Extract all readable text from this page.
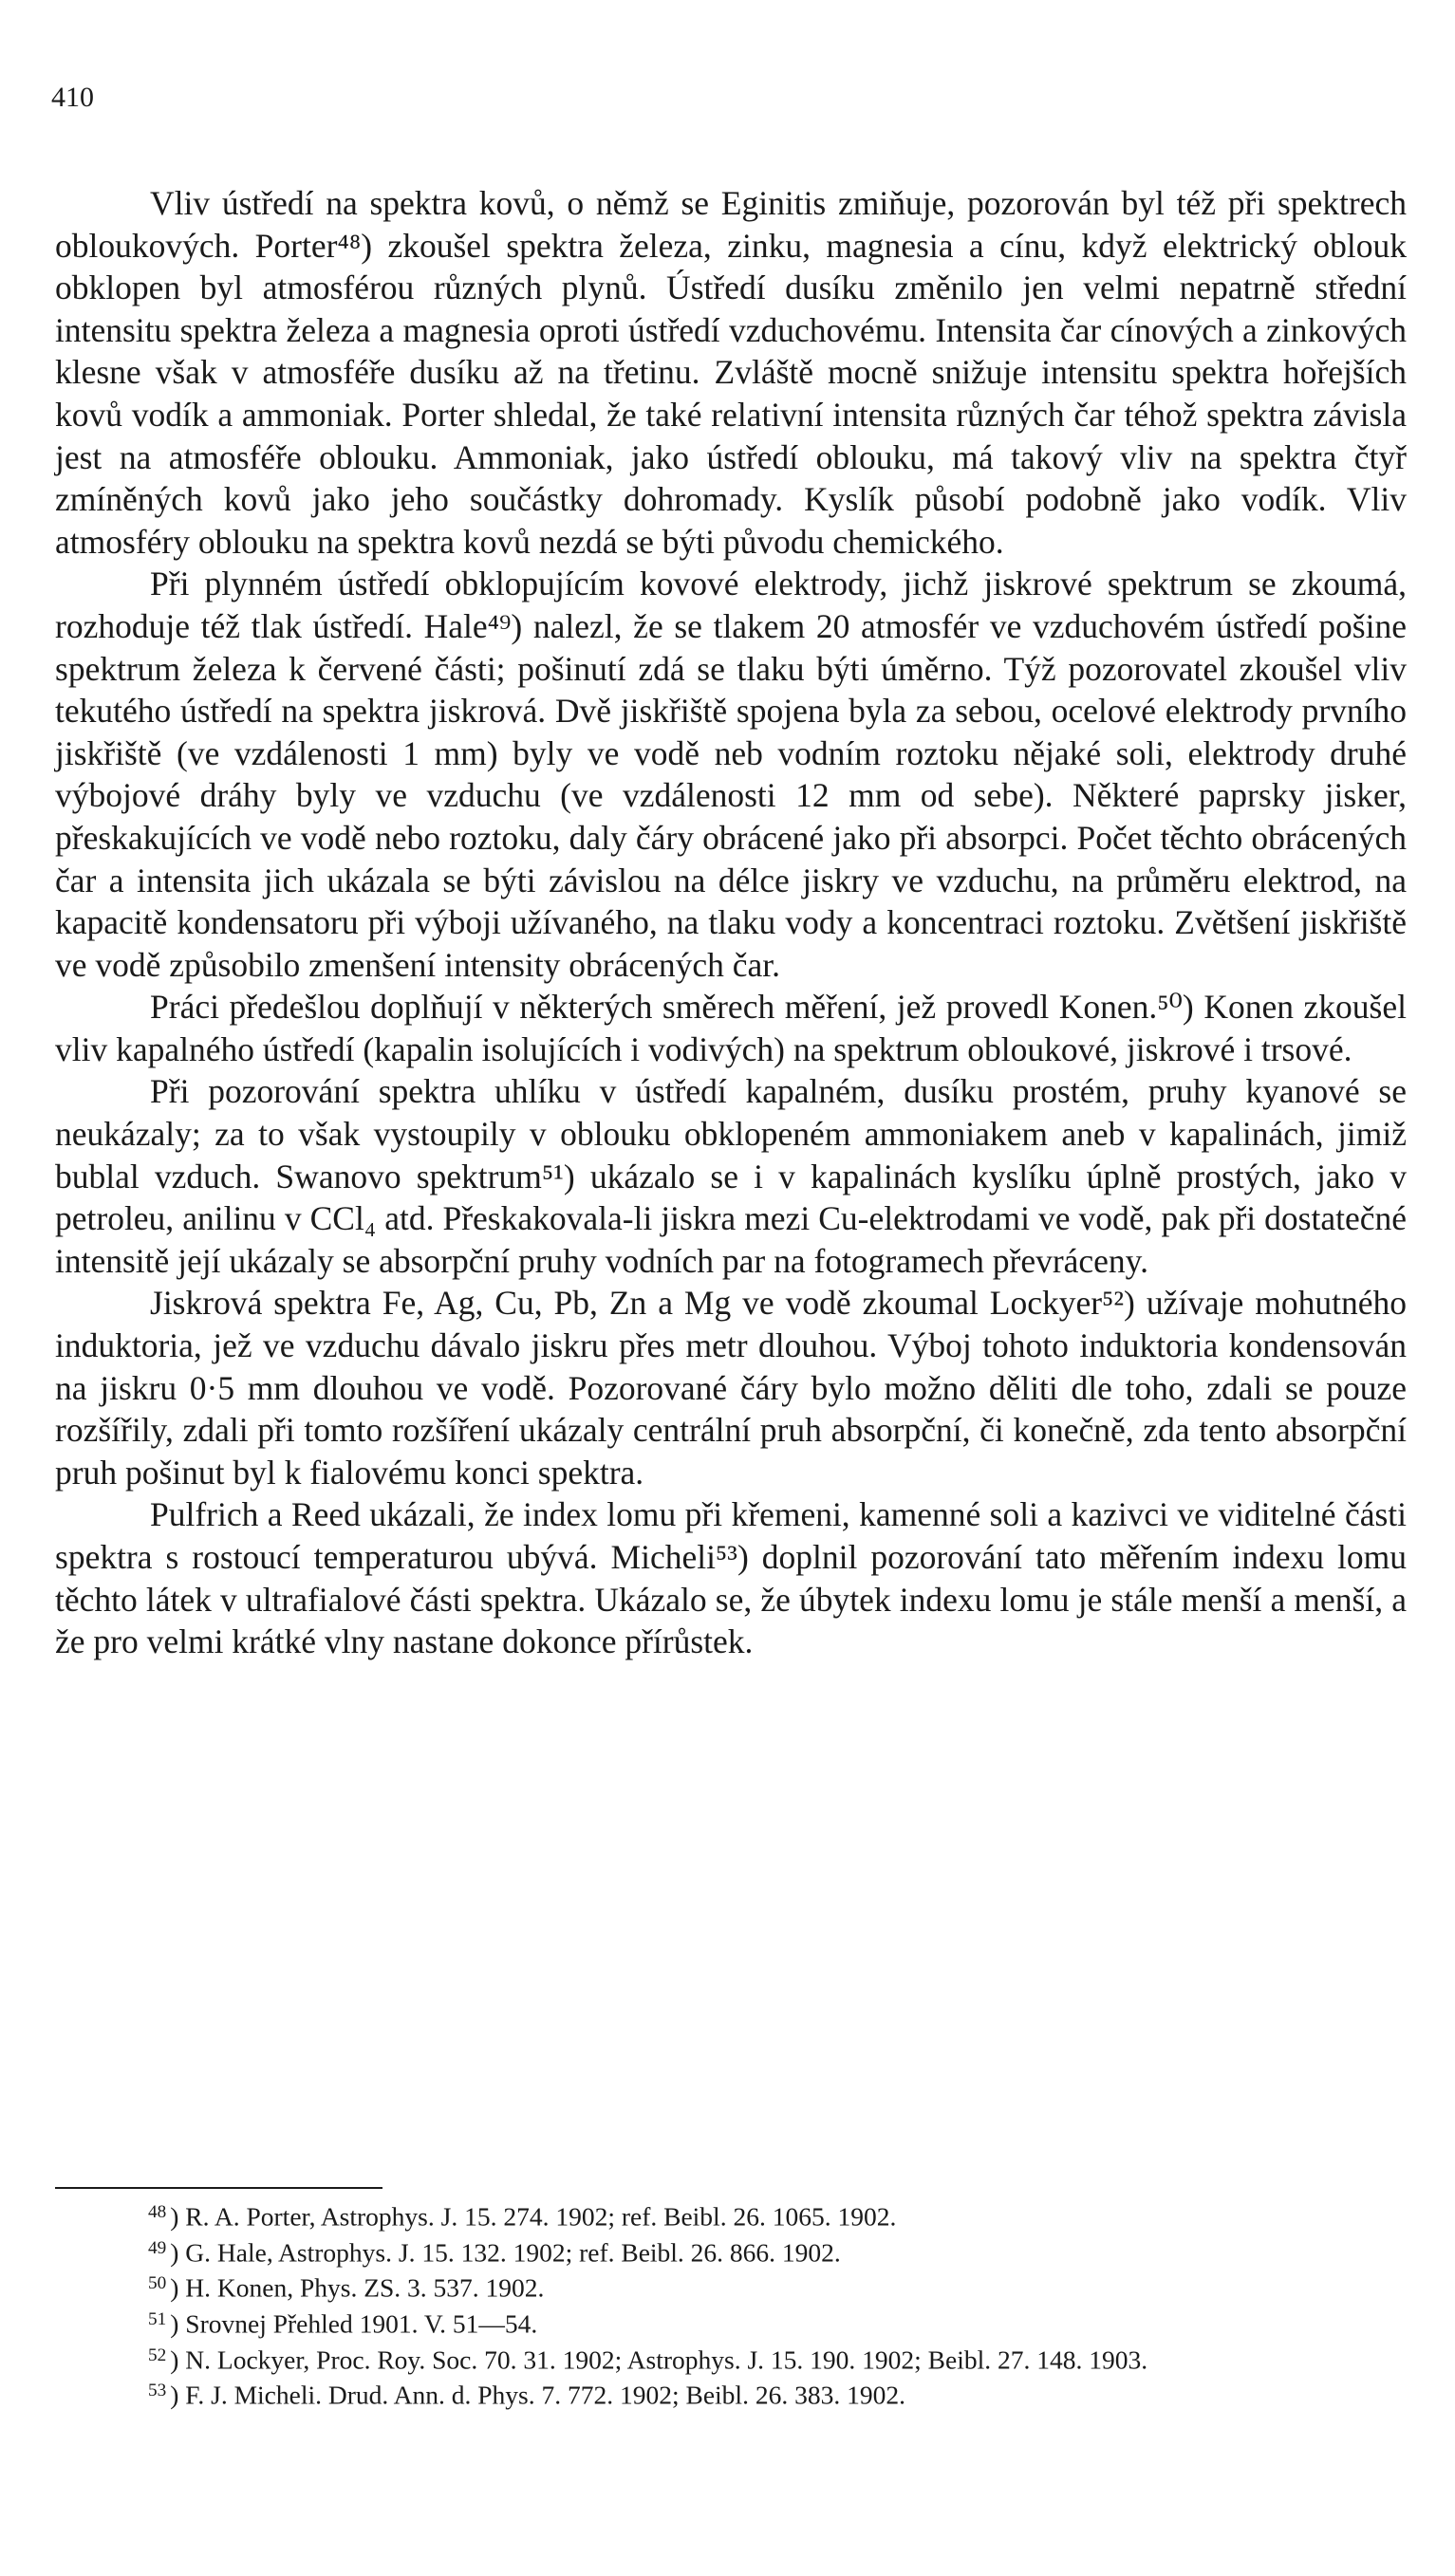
410

Vliv ústředí na spektra kovů, o němž se Eginitis zmiňuje, pozorován byl též při spektrech obloukových. Porter⁴⁸) zkoušel spektra železa, zinku, magnesia a cínu, když elektrický oblouk obklopen byl atmosférou různých plynů. Ústředí dusíku změnilo jen velmi nepatrně střední intensitu spektra železa a magnesia oproti ústředí vzduchovému. Intensita čar cínových a zinkových klesne však v atmosféře dusíku až na třetinu. Zvláště mocně snižuje intensitu spektra hořejších kovů vodík a ammoniak. Porter shledal, že také relativní intensita různých čar téhož spektra závisla jest na atmosféře oblouku. Ammoniak, jako ústředí oblouku, má takový vliv na spektra čtyř zmíněných kovů jako jeho součástky dohromady. Kyslík působí podobně jako vodík. Vliv atmosféry oblouku na spektra kovů nezdá se býti původu chemického.

Při plynném ústředí obklopujícím kovové elektrody, jichž jiskrové spektrum se zkoumá, rozhoduje též tlak ústředí. Hale⁴⁹) nalezl, že se tlakem 20 atmosfér ve vzduchovém ústředí pošine spektrum železa k červené části; pošinutí zdá se tlaku býti úměrno. Týž pozorovatel zkoušel vliv tekutého ústředí na spektra jiskrová. Dvě jiskřiště spojena byla za sebou, ocelové elektrody prvního jiskřiště (ve vzdálenosti 1 mm) byly ve vodě neb vodním roztoku nějaké soli, elektrody druhé výbojové dráhy byly ve vzduchu (ve vzdálenosti 12 mm od sebe). Některé paprsky jisker, přeskakujících ve vodě nebo roztoku, daly čáry obrácené jako při absorpci. Počet těchto obrácených čar a intensita jich ukázala se býti závislou na délce jiskry ve vzduchu, na průměru elektrod, na kapacitě kondensatoru při výboji užívaného, na tlaku vody a koncentraci roztoku. Zvětšení jiskřiště ve vodě způsobilo zmenšení intensity obrácených čar.

Práci předešlou doplňují v některých směrech měření, jež provedl Konen.⁵⁰) Konen zkoušel vliv kapalného ústředí (kapalin isolujících i vodivých) na spektrum obloukové, jiskrové i trsové.

Při pozorování spektra uhlíku v ústředí kapalném, dusíku prostém, pruhy kyanové se neukázaly; za to však vystoupily v oblouku obklopeném ammoniakem aneb v kapalinách, jimiž bublal vzduch. Swanovo spektrum⁵¹) ukázalo se i v kapalinách kyslíku úplně prostých, jako v petroleu, anilinu v CCl₄ atd. Přeskakovala-li jiskra mezi Cu-elektrodami ve vodě, pak při dostatečné intensitě její ukázaly se absorpční pruhy vodních par na fotogramech převráceny.

Jiskrová spektra Fe, Ag, Cu, Pb, Zn a Mg ve vodě zkoumal Lockyer⁵²) užívaje mohutného induktoria, jež ve vzduchu dávalo jiskru přes metr dlouhou. Výboj tohoto induktoria kondensován na jiskru 0·5 mm dlouhou ve vodě. Pozorované čáry bylo možno děliti dle toho, zdali se pouze rozšířily, zdali při tomto rozšíření ukázaly centrální pruh absorpční, či konečně, zda tento absorpční pruh pošinut byl k fialovému konci spektra.

Pulfrich a Reed ukázali, že index lomu při křemeni, kamenné soli a kazivci ve viditelné části spektra s rostoucí temperaturou ubývá. Micheli⁵³) doplnil pozorování tato měřením indexu lomu těchto látek v ultrafialové části spektra. Ukázalo se, že úbytek indexu lomu je stále menší a menší, a že pro velmi krátké vlny nastane dokonce přírůstek.

$^{48}$ ) R. A. Porter, Astrophys. J. 15. 274. 1902; ref. Beibl. 26. 1065. 1902.

$^{49}$ ) G. Hale, Astrophys. J. 15. 132. 1902; ref. Beibl. 26. 866. 1902.

$^{50}$ ) H. Konen, Phys. ZS. 3. 537. 1902.

$^{51}$ ) Srovnej Přehled 1901. V. 51—54.

$^{52}$ ) N. Lockyer, Proc. Roy. Soc. 70. 31. 1902; Astrophys. J. 15. 190. 1902; Beibl. 27. 148. 1903.

$^{53}$ ) F. J. Micheli. Drud. Ann. d. Phys. 7. 772. 1902; Beibl. 26. 383. 1902.
